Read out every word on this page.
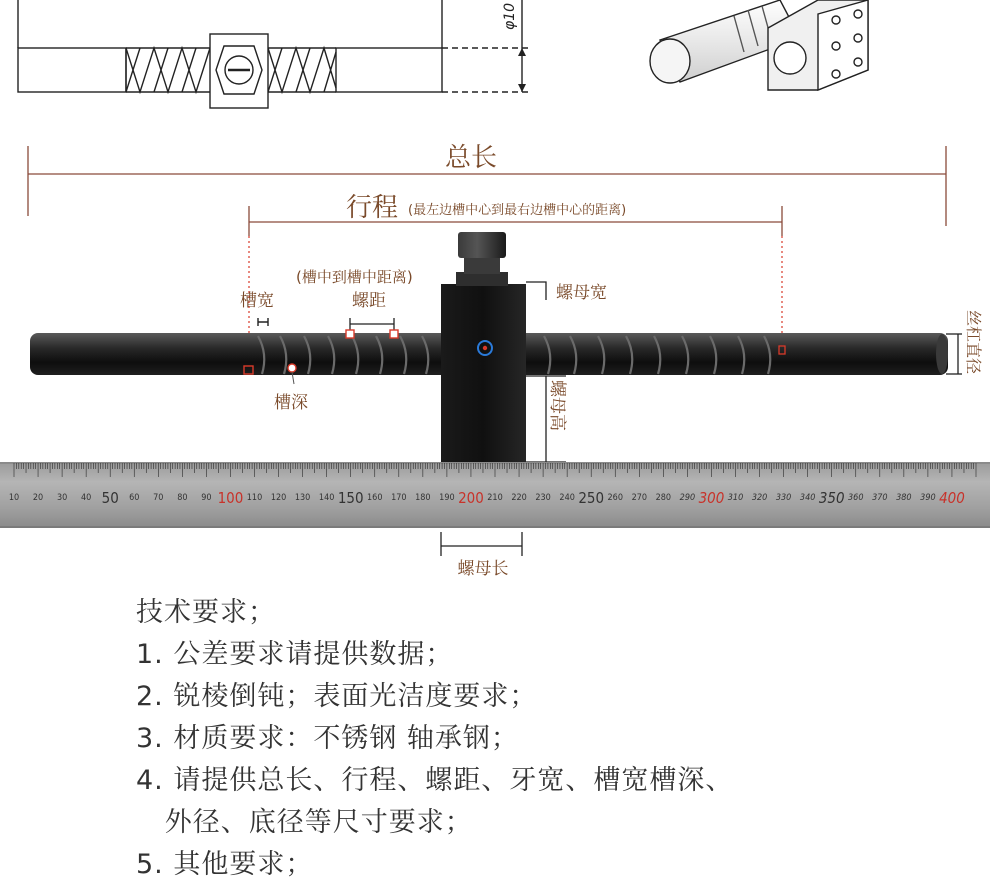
φ10
总长
行程 (最左边槽中心到最右边槽中心的距离)
槽宽
槽深
螺距
(槽中到槽中距离)
螺母宽
螺母高
丝杠直径
10 20 30 40 50 60 70 80 90 100 110 120 130 140 150 160 170 180 190 200 210 220 230 240 250 260 270 280 290 300 310 320 330 340 350 360 370 380 390 400
螺母长
技术要求；
1. 公差要求请提供数据；
2. 锐棱倒钝；表面光洁度要求；
3. 材质要求：不锈钢 轴承钢；
4. 请提供总长、行程、螺距、牙宽、槽宽槽深、
外径、底径等尺寸要求；
5. 其他要求；
